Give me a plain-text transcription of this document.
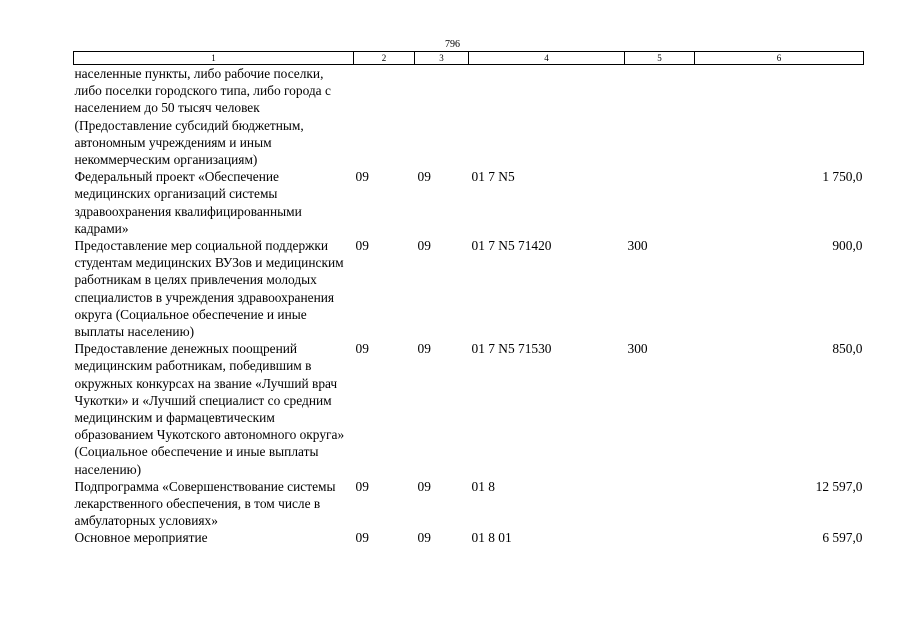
796
1	2	3	4	5	6
населенные пункты, либо рабочие поселки, либо поселки городского типа, либо города с населением до 50 тысяч человек (Предоставление субсидий бюджетным, автономным учреждениям и иным некоммерческим организациям)					
Федеральный проект «Обеспечение медицинских организаций системы здравоохранения квалифицированными кадрами»	09	09	01 7 N5		1 750,0
Предоставление мер социальной поддержки студентам медицинских ВУЗов и медицинским работникам в целях привлечения молодых специалистов в учреждения здравоохранения округа (Социальное обеспечение и иные выплаты населению)	09	09	01 7 N5 71420	300	900,0
Предоставление денежных поощрений медицинским работникам, победившим в окружных конкурсах на звание «Лучший врач Чукотки» и «Лучший специалист со средним медицинским и фармацевтическим образованием Чукотского автономного округа» (Социальное обеспечение и иные выплаты населению)	09	09	01 7 N5 71530	300	850,0
Подпрограмма «Совершенствование системы лекарственного обеспечения, в том числе в амбулаторных условиях»	09	09	01 8		12 597,0
Основное мероприятие	09	09	01 8 01		6 597,0
